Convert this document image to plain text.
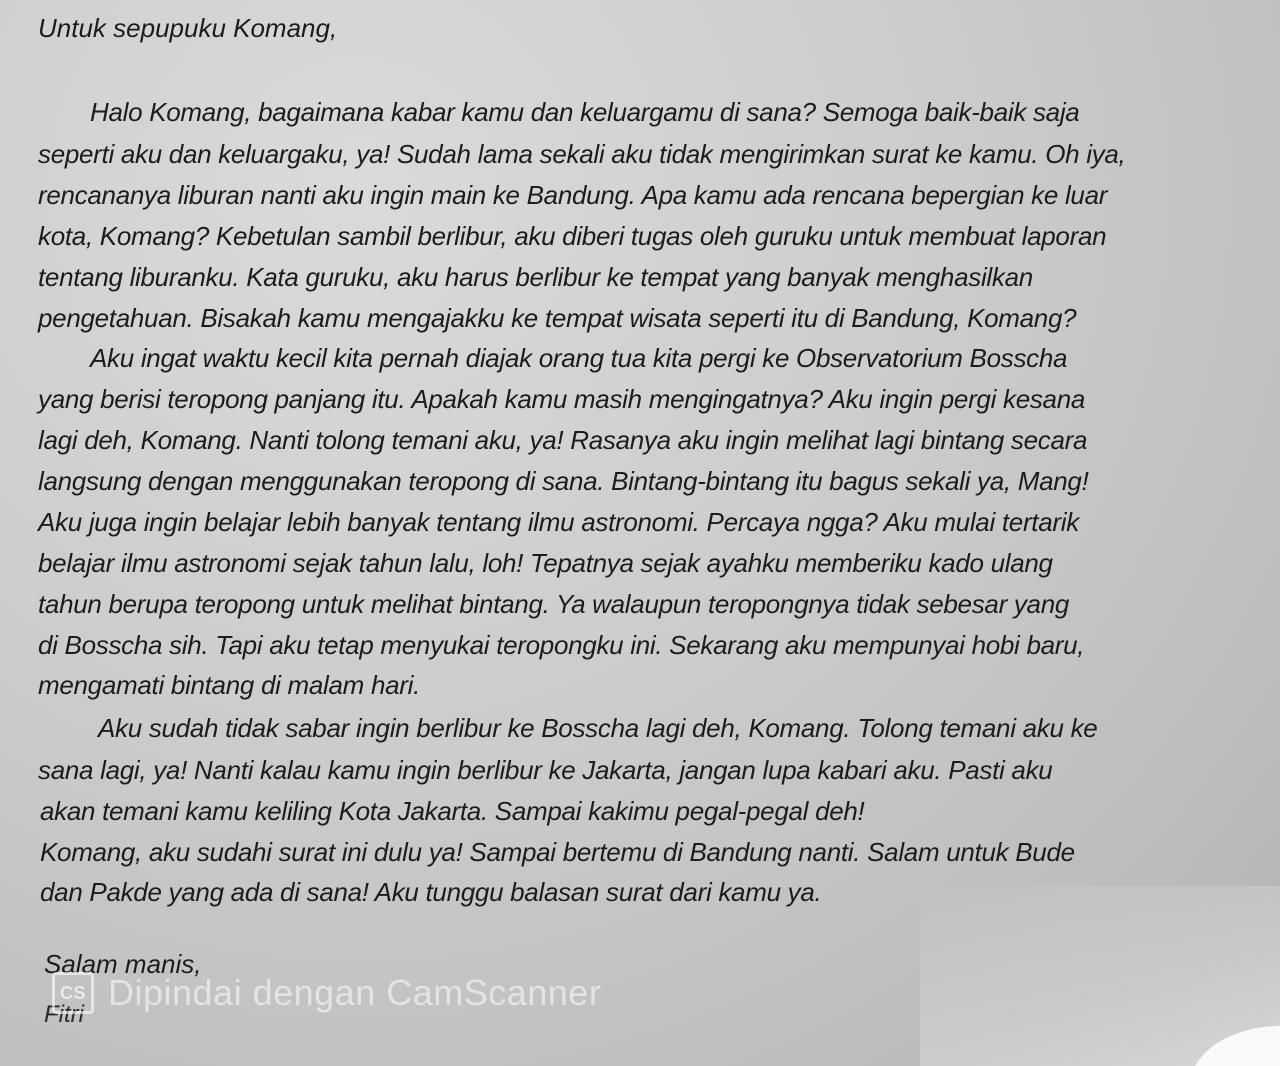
Untuk sepupuku Komang,
Halo Komang, bagaimana kabar kamu dan keluargamu di sana? Semoga baik-baik saja
seperti aku dan keluargaku, ya! Sudah lama sekali aku tidak mengirimkan surat ke kamu. Oh iya,
rencananya liburan nanti aku ingin main ke Bandung. Apa kamu ada rencana bepergian ke luar
kota, Komang? Kebetulan sambil berlibur, aku diberi tugas oleh guruku untuk membuat laporan
tentang liburanku. Kata guruku, aku harus berlibur ke tempat yang banyak menghasilkan
pengetahuan. Bisakah kamu mengajakku ke tempat wisata seperti itu di Bandung, Komang?
Aku ingat waktu kecil kita pernah diajak orang tua kita pergi ke Observatorium Bosscha
yang berisi teropong panjang itu. Apakah kamu masih mengingatnya? Aku ingin pergi kesana
lagi deh, Komang. Nanti tolong temani aku, ya! Rasanya aku ingin melihat lagi bintang secara
langsung dengan menggunakan teropong di sana. Bintang-bintang itu bagus sekali ya, Mang!
Aku juga ingin belajar lebih banyak tentang ilmu astronomi. Percaya ngga? Aku mulai tertarik
belajar ilmu astronomi sejak tahun lalu, loh! Tepatnya sejak ayahku memberiku kado ulang
tahun berupa teropong untuk melihat bintang. Ya walaupun teropongnya tidak sebesar yang
di Bosscha sih. Tapi aku tetap menyukai teropongku ini. Sekarang aku mempunyai hobi baru,
mengamati bintang di malam hari.
Aku sudah tidak sabar ingin berlibur ke Bosscha lagi deh, Komang. Tolong temani aku ke
sana lagi, ya! Nanti kalau kamu ingin berlibur ke Jakarta, jangan lupa kabari aku. Pasti aku
akan temani kamu keliling Kota Jakarta. Sampai kakimu pegal-pegal deh!
Komang, aku sudahi surat ini dulu ya! Sampai bertemu di Bandung nanti. Salam untuk Bude
dan Pakde yang ada di sana! Aku tunggu balasan surat dari kamu ya.
Salam manis,
Fitri
CS Dipindai dengan CamScanner
